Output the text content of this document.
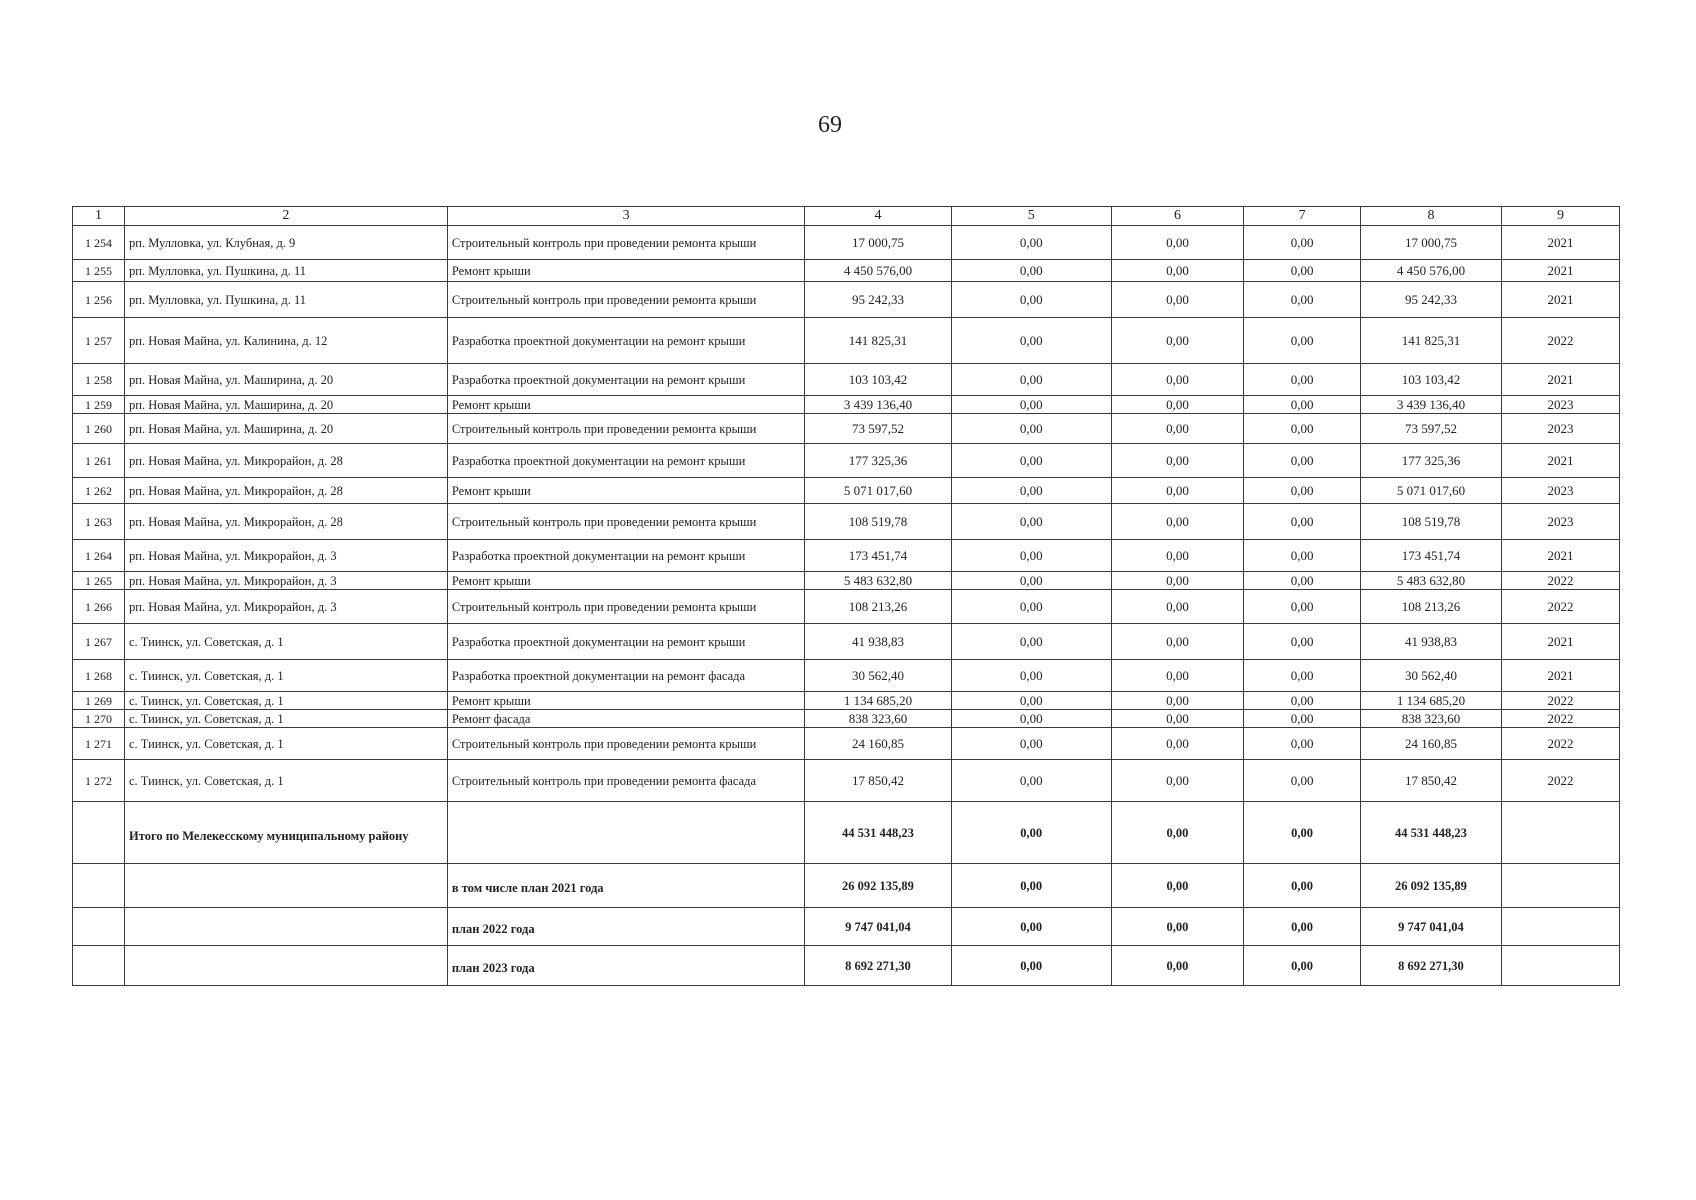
69
1	2	3	4	5	6	7	8	9
1 254	рп. Мулловка, ул. Клубная, д. 9	Строительный контроль при проведении ремонта крыши	17 000,75	0,00	0,00	0,00	17 000,75	2021
1 255	рп. Мулловка, ул. Пушкина, д. 11	Ремонт крыши	4 450 576,00	0,00	0,00	0,00	4 450 576,00	2021
1 256	рп. Мулловка, ул. Пушкина, д. 11	Строительный контроль при проведении ремонта крыши	95 242,33	0,00	0,00	0,00	95 242,33	2021
1 257	рп. Новая Майна, ул. Калинина, д. 12	Разработка проектной документации на ремонт крыши	141 825,31	0,00	0,00	0,00	141 825,31	2022
1 258	рп. Новая Майна, ул. Маширина, д. 20	Разработка проектной документации на ремонт крыши	103 103,42	0,00	0,00	0,00	103 103,42	2021
1 259	рп. Новая Майна, ул. Маширина, д. 20	Ремонт крыши	3 439 136,40	0,00	0,00	0,00	3 439 136,40	2023
1 260	рп. Новая Майна, ул. Маширина, д. 20	Строительный контроль при проведении ремонта крыши	73 597,52	0,00	0,00	0,00	73 597,52	2023
1 261	рп. Новая Майна, ул. Микрорайон, д. 28	Разработка проектной документации на ремонт крыши	177 325,36	0,00	0,00	0,00	177 325,36	2021
1 262	рп. Новая Майна, ул. Микрорайон, д. 28	Ремонт крыши	5 071 017,60	0,00	0,00	0,00	5 071 017,60	2023
1 263	рп. Новая Майна, ул. Микрорайон, д. 28	Строительный контроль при проведении ремонта крыши	108 519,78	0,00	0,00	0,00	108 519,78	2023
1 264	рп. Новая Майна, ул. Микрорайон, д. 3	Разработка проектной документации на ремонт крыши	173 451,74	0,00	0,00	0,00	173 451,74	2021
1 265	рп. Новая Майна, ул. Микрорайон, д. 3	Ремонт крыши	5 483 632,80	0,00	0,00	0,00	5 483 632,80	2022
1 266	рп. Новая Майна, ул. Микрорайон, д. 3	Строительный контроль при проведении ремонта крыши	108 213,26	0,00	0,00	0,00	108 213,26	2022
1 267	с. Тиинск, ул. Советская, д. 1	Разработка проектной документации на ремонт крыши	41 938,83	0,00	0,00	0,00	41 938,83	2021
1 268	с. Тиинск, ул. Советская, д. 1	Разработка проектной документации на ремонт фасада	30 562,40	0,00	0,00	0,00	30 562,40	2021
1 269	с. Тиинск, ул. Советская, д. 1	Ремонт крыши	1 134 685,20	0,00	0,00	0,00	1 134 685,20	2022
1 270	с. Тиинск, ул. Советская, д. 1	Ремонт фасада	838 323,60	0,00	0,00	0,00	838 323,60	2022
1 271	с. Тиинск, ул. Советская, д. 1	Строительный контроль при проведении ремонта крыши	24 160,85	0,00	0,00	0,00	24 160,85	2022
1 272	с. Тиинск, ул. Советская, д. 1	Строительный контроль при проведении ремонта фасада	17 850,42	0,00	0,00	0,00	17 850,42	2022
	Итого по Мелекесскому муниципальному району		44 531 448,23	0,00	0,00	0,00	44 531 448,23	
		в том числе план 2021 года	26 092 135,89	0,00	0,00	0,00	26 092 135,89	
		план 2022 года	9 747 041,04	0,00	0,00	0,00	9 747 041,04	
		план 2023 года	8 692 271,30	0,00	0,00	0,00	8 692 271,30	
